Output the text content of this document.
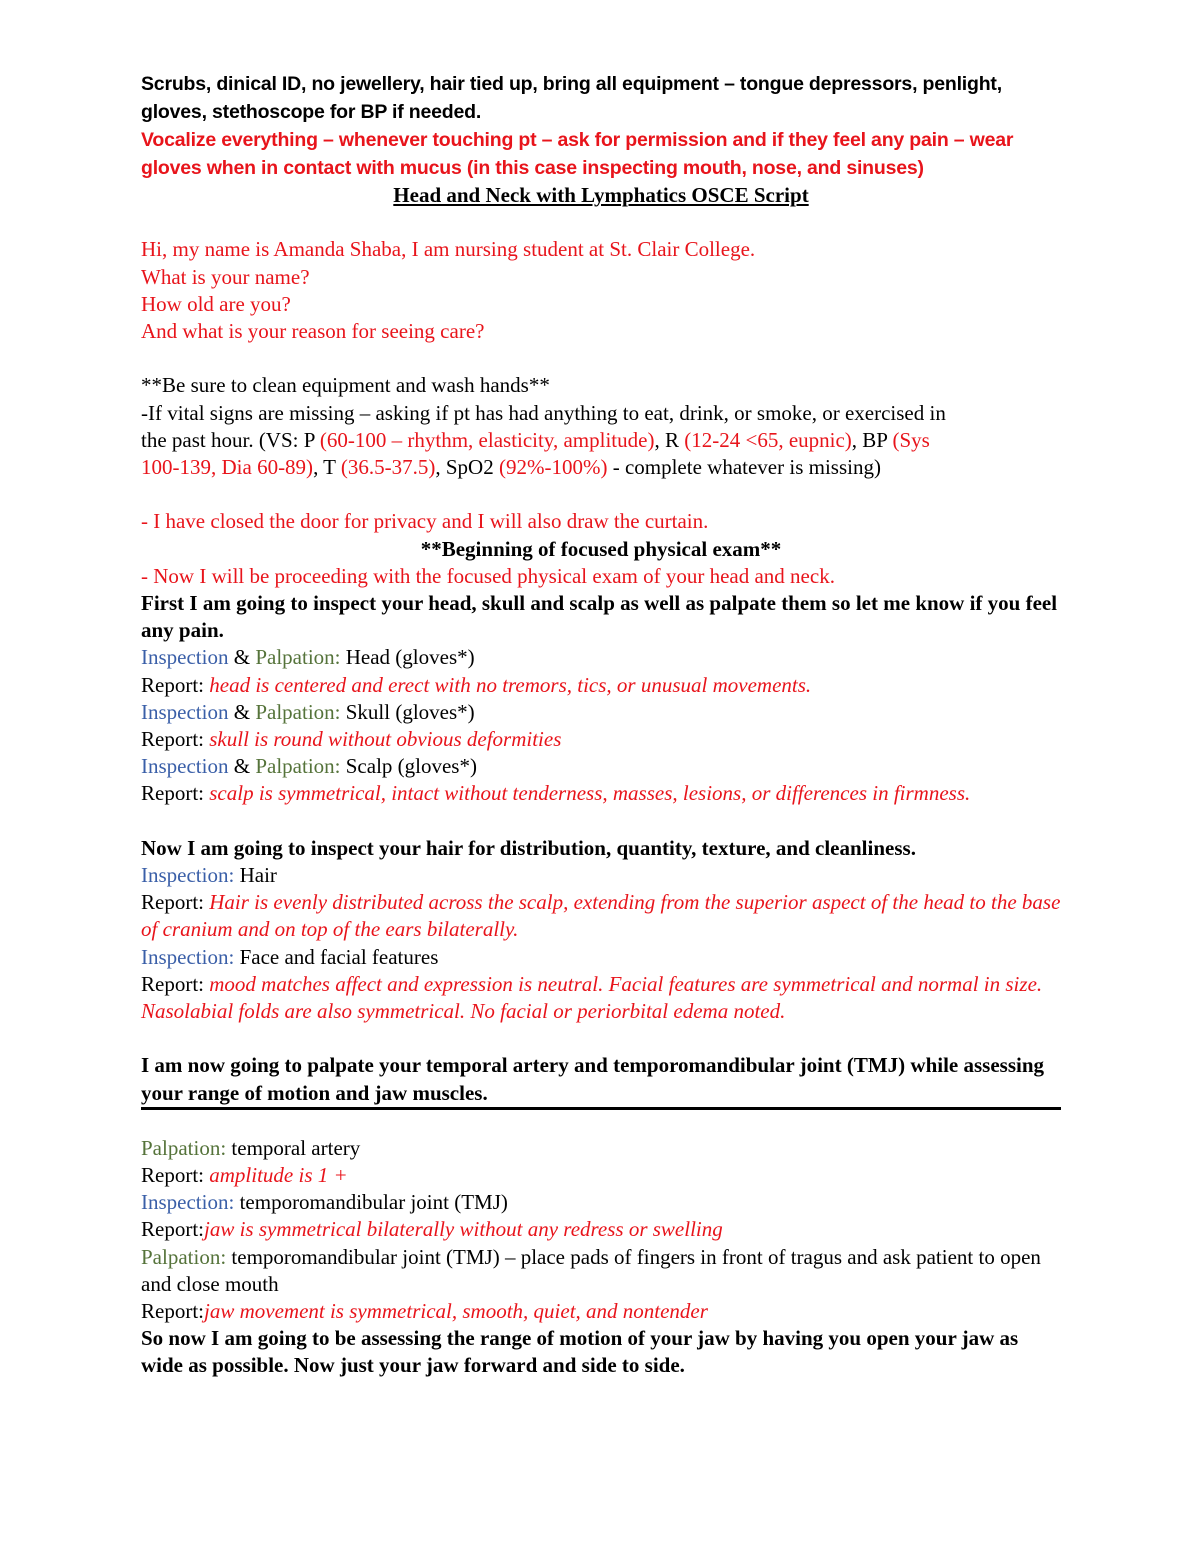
Scrubs, dinical ID, no jewellery, hair tied up, bring all equipment – tongue depressors, penlight, gloves, stethoscope for BP if needed.
Vocalize everything – whenever touching pt – ask for permission and if they feel any pain – wear gloves when in contact with mucus (in this case inspecting mouth, nose, and sinuses)
Head and Neck with Lymphatics OSCE Script
Hi, my name is Amanda Shaba, I am nursing student at St. Clair College.
What is your name?
How old are you?
And what is your reason for seeing care?
**Be sure to clean equipment and wash hands**
-If vital signs are missing – asking if pt has had anything to eat, drink, or smoke, or exercised in
the past hour. (VS: P (60-100 – rhythm, elasticity, amplitude), R (12-24 <65, eupnic), BP (Sys
100-139, Dia 60-89), T (36.5-37.5), SpO2 (92%-100%) - complete whatever is missing)
- I have closed the door for privacy and I will also draw the curtain.
**Beginning of focused physical exam**
- Now I will be proceeding with the focused physical exam of your head and neck.
First I am going to inspect your head, skull and scalp as well as palpate them so let me know if you feel any pain.
Inspection & Palpation: Head (gloves*)
Report: head is centered and erect with no tremors, tics, or unusual movements.
Inspection & Palpation: Skull (gloves*)
Report: skull is round without obvious deformities
Inspection & Palpation: Scalp (gloves*)
Report: scalp is symmetrical, intact without tenderness, masses, lesions, or differences in firmness.
Now I am going to inspect your hair for distribution, quantity, texture, and cleanliness.
Inspection: Hair
Report: Hair is evenly distributed across the scalp, extending from the superior aspect of the head to the base of cranium and on top of the ears bilaterally.
Inspection: Face and facial features
Report: mood matches affect and expression is neutral. Facial features are symmetrical and normal in size. Nasolabial folds are also symmetrical. No facial or periorbital edema noted.
I am now going to palpate your temporal artery and temporomandibular joint (TMJ) while assessing your range of motion and jaw muscles.
Palpation: temporal artery
Report: amplitude is 1 +
Inspection: temporomandibular joint (TMJ)
Report:jaw is symmetrical bilaterally without any redress or swelling
Palpation: temporomandibular joint (TMJ) – place pads of fingers in front of tragus and ask patient to open and close mouth
Report:jaw movement is symmetrical, smooth, quiet, and nontender
So now I am going to be assessing the range of motion of your jaw by having you open your jaw as wide as possible. Now just your jaw forward and side to side.
